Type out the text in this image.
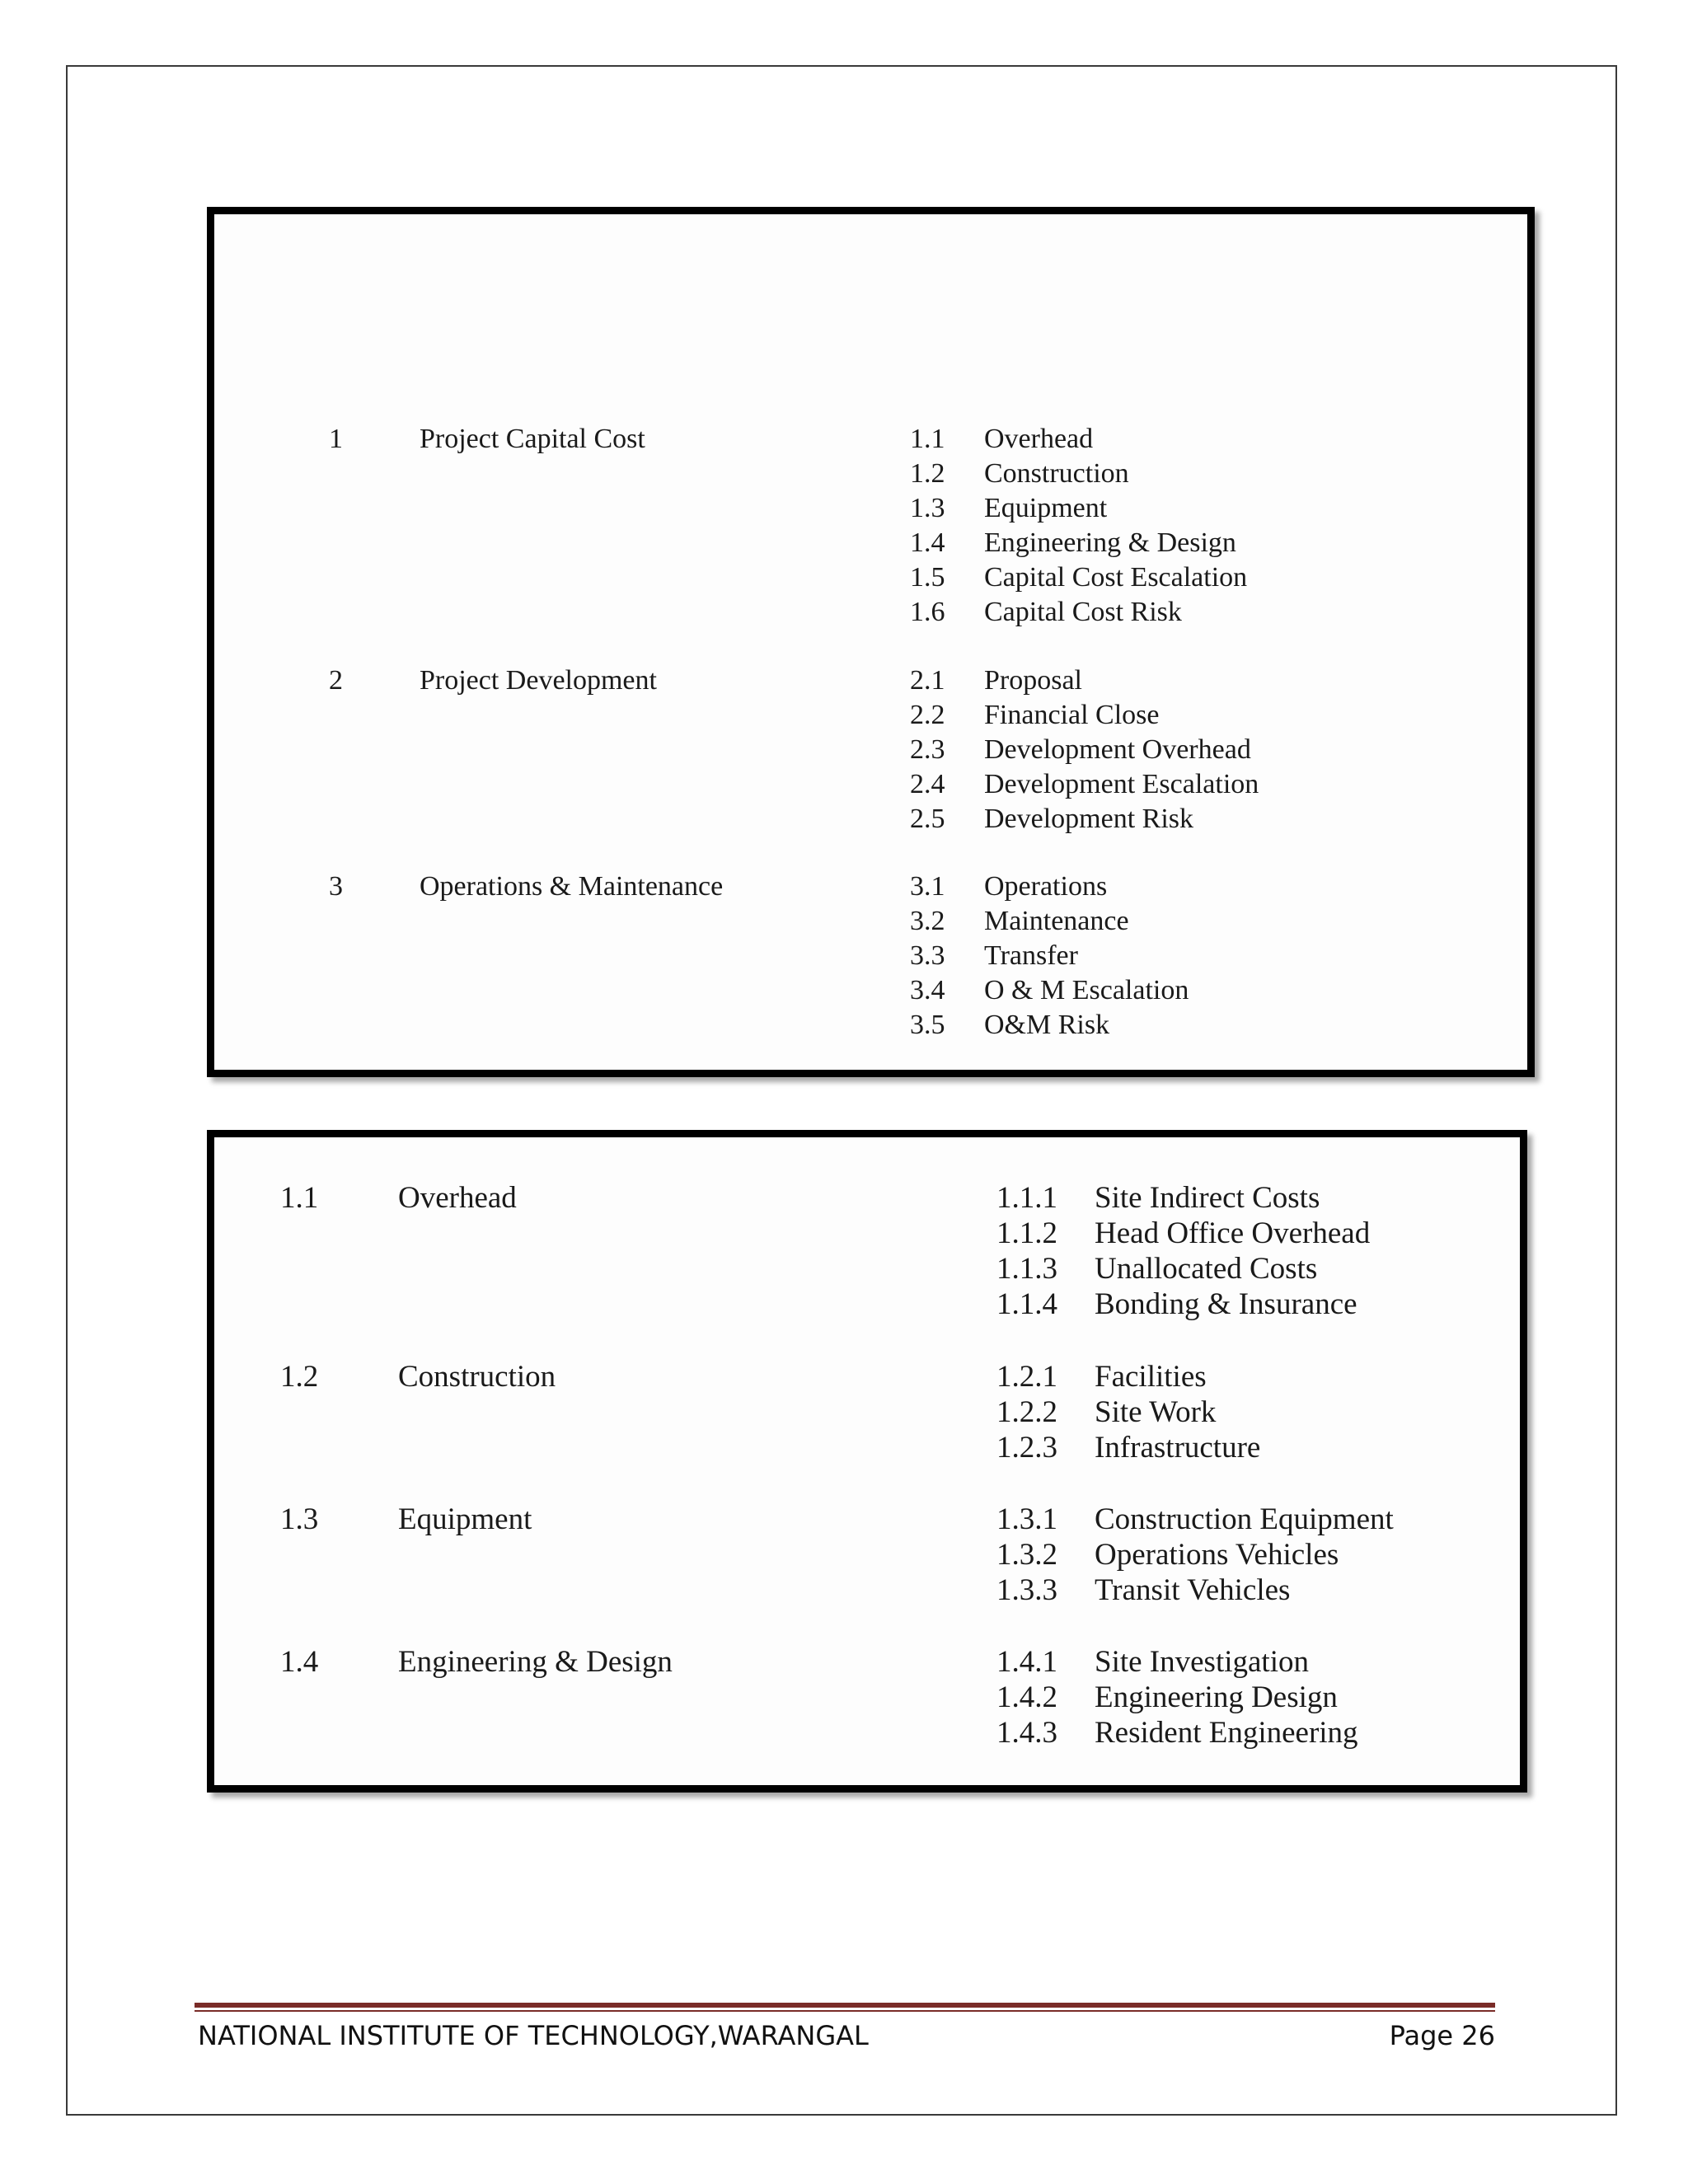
1	Project Capital Cost	1.1 Overhead
1.2 Construction
1.3 Equipment
1.4 Engineering & Design
1.5 Capital Cost Escalation
1.6 Capital Cost Risk
2	Project Development	2.1 Proposal
2.2 Financial Close
2.3 Development Overhead
2.4 Development Escalation
2.5 Development Risk
3	Operations & Maintenance	3.1 Operations
3.2 Maintenance
3.3 Transfer
3.4 O & M Escalation
3.5 O&M Risk
1.1	Overhead	1.1.1 Site Indirect Costs
1.1.2 Head Office Overhead
1.1.3 Unallocated Costs
1.1.4 Bonding & Insurance
1.2	Construction	1.2.1 Facilities
1.2.2 Site Work
1.2.3 Infrastructure
1.3	Equipment	1.3.1 Construction Equipment
1.3.2 Operations Vehicles
1.3.3 Transit Vehicles
1.4	Engineering & Design	1.4.1 Site Investigation
1.4.2 Engineering Design
1.4.3 Resident Engineering
NATIONAL INSTITUTE OF TECHNOLOGY,WARANGAL	Page 26
